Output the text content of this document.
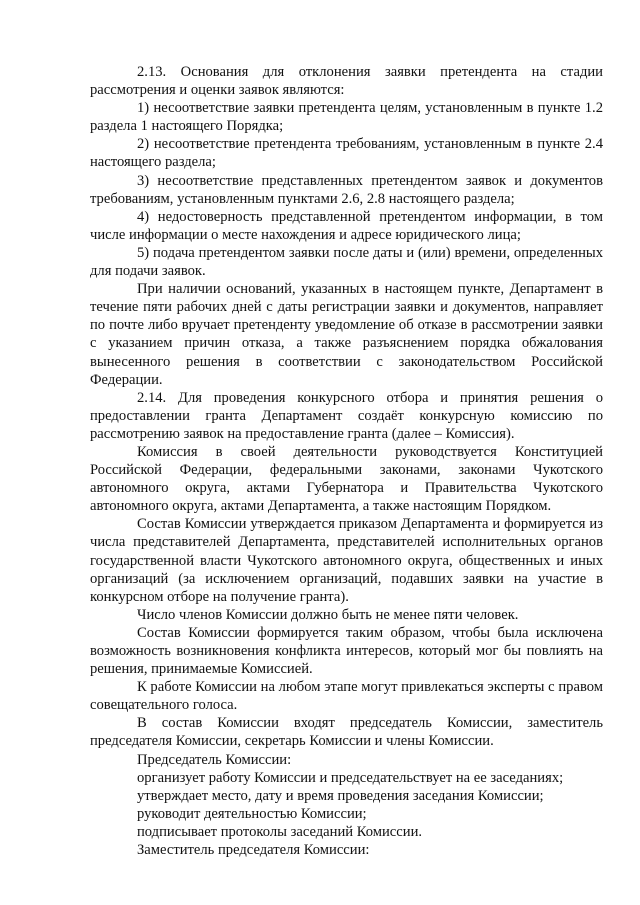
2.13. Основания для отклонения заявки претендента на стадии рассмотрения и оценки заявок являются:

1) несоответствие заявки претендента целям, установленным в пункте 1.2 раздела 1 настоящего Порядка;

2) несоответствие претендента требованиям, установленным в пункте 2.4 настоящего раздела;

3) несоответствие представленных претендентом заявок и документов требованиям, установленным пунктами 2.6, 2.8 настоящего раздела;

4) недостоверность представленной претендентом информации, в том числе информации о месте нахождения и адресе юридического лица;

5) подача претендентом заявки после даты и (или) времени, определенных для подачи заявок.

При наличии оснований, указанных в настоящем пункте, Департамент в течение пяти рабочих дней с даты регистрации заявки и документов, направляет по почте либо вручает претенденту уведомление об отказе в рассмотрении заявки с указанием причин отказа, а также разъяснением порядка обжалования вынесенного решения в соответствии с законодательством Российской Федерации.

2.14. Для проведения конкурсного отбора и принятия решения о предоставлении гранта Департамент создаёт конкурсную комиссию по рассмотрению заявок на предоставление гранта (далее – Комиссия).

Комиссия в своей деятельности руководствуется Конституцией Российской Федерации, федеральными законами, законами Чукотского автономного округа, актами Губернатора и Правительства Чукотского автономного округа, актами Департамента, а также настоящим Порядком.

Состав Комиссии утверждается приказом Департамента и формируется из числа представителей Департамента, представителей исполнительных органов государственной власти Чукотского автономного округа, общественных и иных организаций (за исключением организаций, подавших заявки на участие в конкурсном отборе на получение гранта).

Число членов Комиссии должно быть не менее пяти человек.

Состав Комиссии формируется таким образом, чтобы была исключена возможность возникновения конфликта интересов, который мог бы повлиять на решения, принимаемые Комиссией.

К работе Комиссии на любом этапе могут привлекаться эксперты с правом совещательного голоса.

В состав Комиссии входят председатель Комиссии, заместитель председателя Комиссии, секретарь Комиссии и члены Комиссии.

Председатель Комиссии:

организует работу Комиссии и председательствует на ее заседаниях;

утверждает место, дату и время проведения заседания Комиссии;

руководит деятельностью Комиссии;

подписывает протоколы заседаний Комиссии.

Заместитель председателя Комиссии:
